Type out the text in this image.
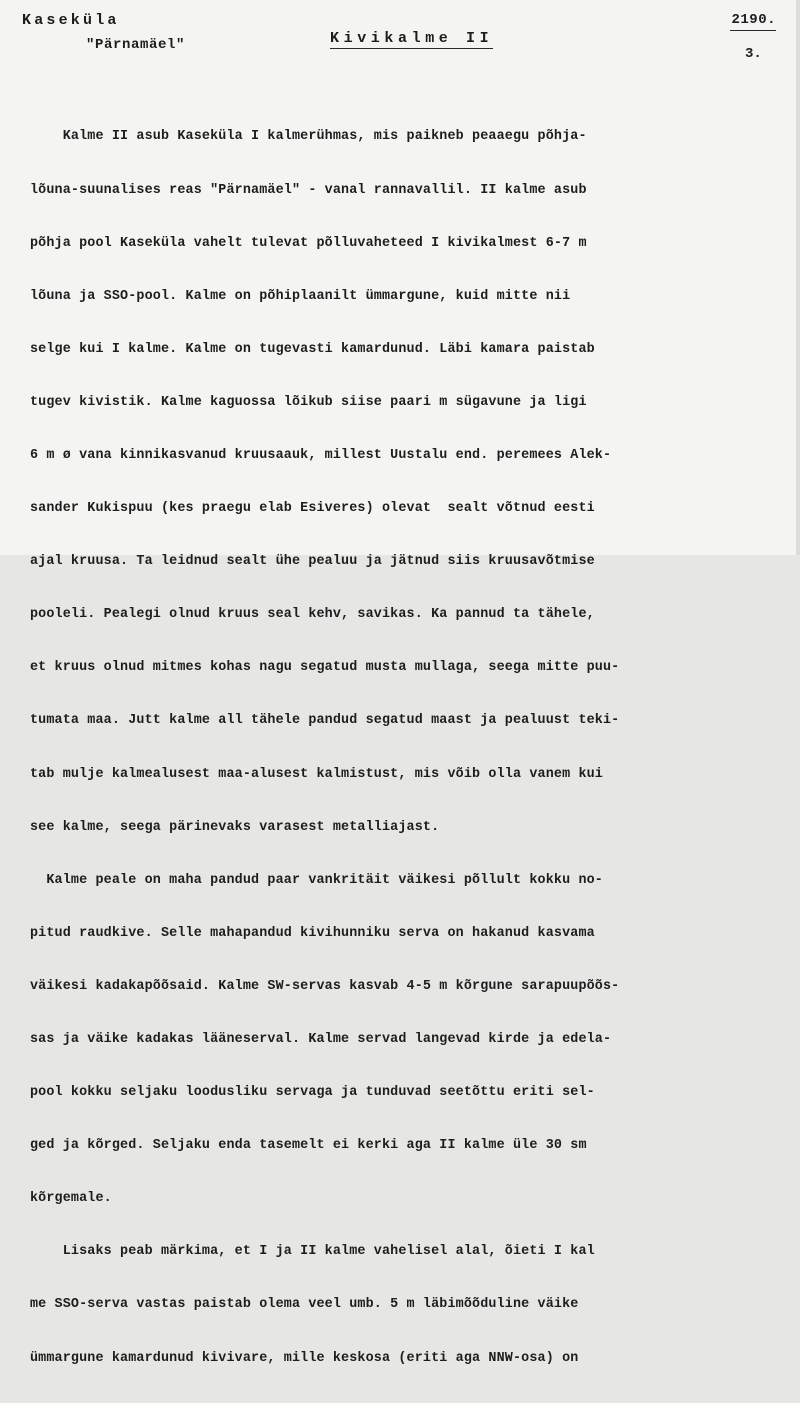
Kaseküla
"Pärnamäel"	Kivikalme II
2190.
3.

Kalme II asub Kaseküla I kalmerühmas, mis paikneb peaaegu põhja-

lõuna-suunalises reas "Pärnamäel" - vanal rannavallil. II kalme asub

põhja pool Kaseküla vahelt tulevat põlluvaheteed I kivikalmest 6-7 m

lõuna ja SSO-pool. Kalme on põhiplaanilt ümmargune, kuid mitte nii

selge kui I kalme. Kalme on tugevasti kamardunud. Läbi kamara paistab

tugev kivistik. Kalme kaguossa lõikub siise paari m sügavune ja ligi

6 m ø vana kinnikasvanud kruusaauk, millest Uustalu end. peremees Alek-

sander Kukispuu (kes praegu elab Esiveres) olevat  sealt võtnud eesti

ajal kruusa. Ta leidnud sealt ühe pealuu ja jätnud siis kruusavõtmise

pooleli. Pealegi olnud kruus seal kehv, savikas. Ka pannud ta tähele,

et kruus olnud mitmes kohas nagu segatud musta mullaga, seega mitte puu-

tumata maa. Jutt kalme all tähele pandud segatud maast ja pealuust teki-

tab mulje kalmealusest maa-alusest kalmistust, mis võib olla vanem kui

see kalme, seega pärinevaks varasest metalliajast.

Kalme peale on maha pandud paar vankritäit väikesi põllult kokku no-

pitud raudkive. Selle mahapandud kivihunniku serva on hakanud kasvama

väikesi kadakapõõsaid. Kalme SW-servas kasvab 4-5 m kõrgune sarapuupõõs-

sas ja väike kadakas lääneserval. Kalme servad langevad kirde ja edela-

pool kokku seljaku loodusliku servaga ja tunduvad seetõttu eriti sel-

ged ja kõrged. Seljaku enda tasemelt ei kerki aga II kalme üle 30 sm

kõrgemale.

Lisaks peab märkima, et I ja II kalme vahelisel alal, õieti I kal

me SSO-serva vastas paistab olema veel umb. 5 m läbimõõduline väike

ümmargune kamardunud kivivare, mille keskosa (eriti aga NNW-osa) on
